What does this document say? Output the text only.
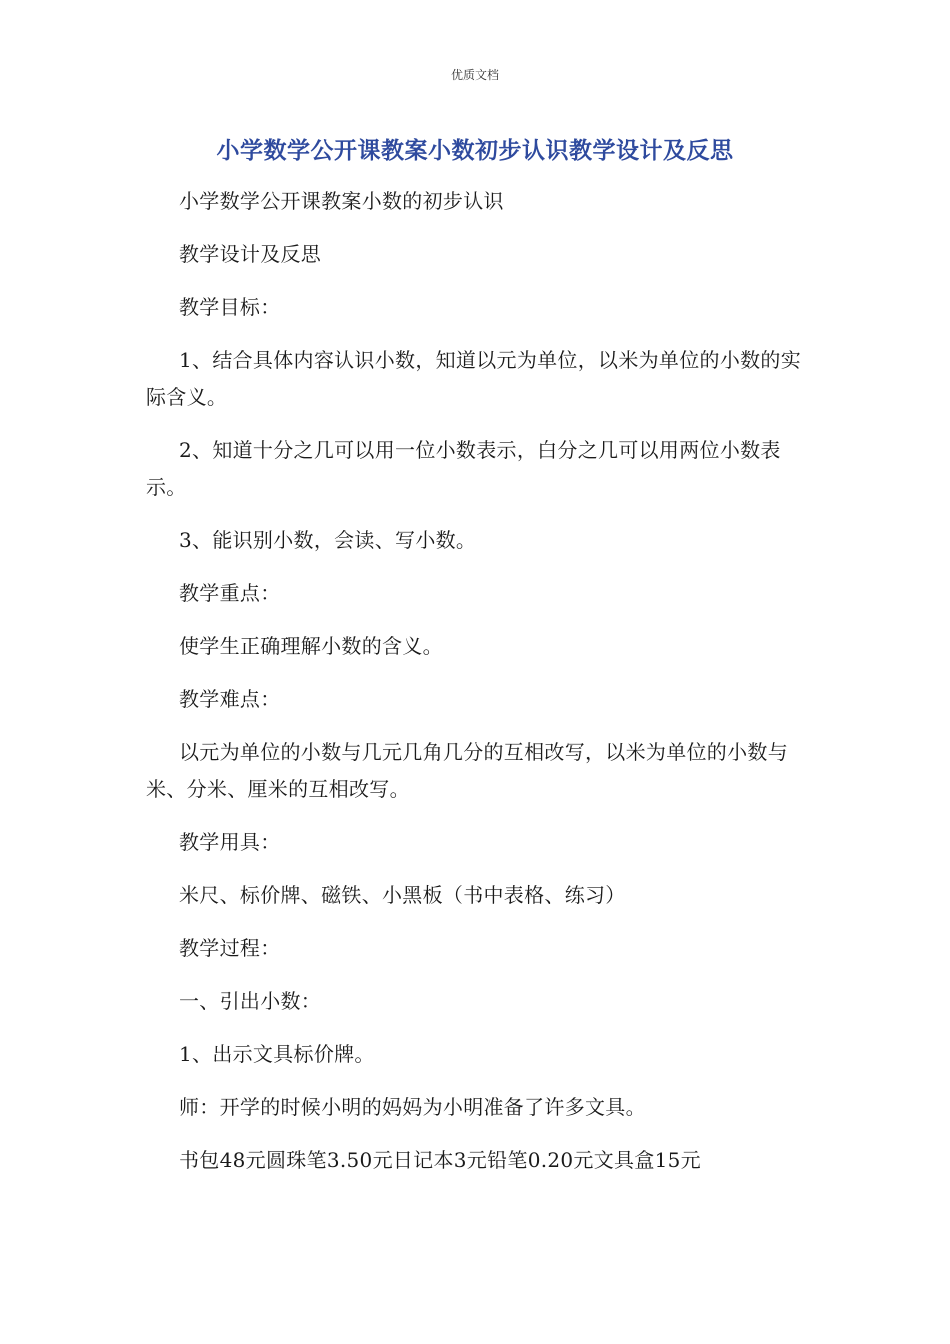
优质文档
小学数学公开课教案小数初步认识教学设计及反思

小学数学公开课教案小数的初步认识

教学设计及反思

教学目标：

1、结合具体内容认识小数，知道以元为单位，以米为单位的小数的实际含义。

2、知道十分之几可以用一位小数表示，白分之几可以用两位小数表示。

3、能识别小数，会读、写小数。

教学重点：

使学生正确理解小数的含义。

教学难点：

以元为单位的小数与几元几角几分的互相改写，以米为单位的小数与米、分米、厘米的互相改写。

教学用具：

米尺、标价牌、磁铁、小黑板（书中表格、练习）

教学过程：

一、引出小数：

1、出示文具标价牌。

师：开学的时候小明的妈妈为小明准备了许多文具。

书包48元圆珠笔3.50元日记本3元铅笔0.20元文具盒15元
